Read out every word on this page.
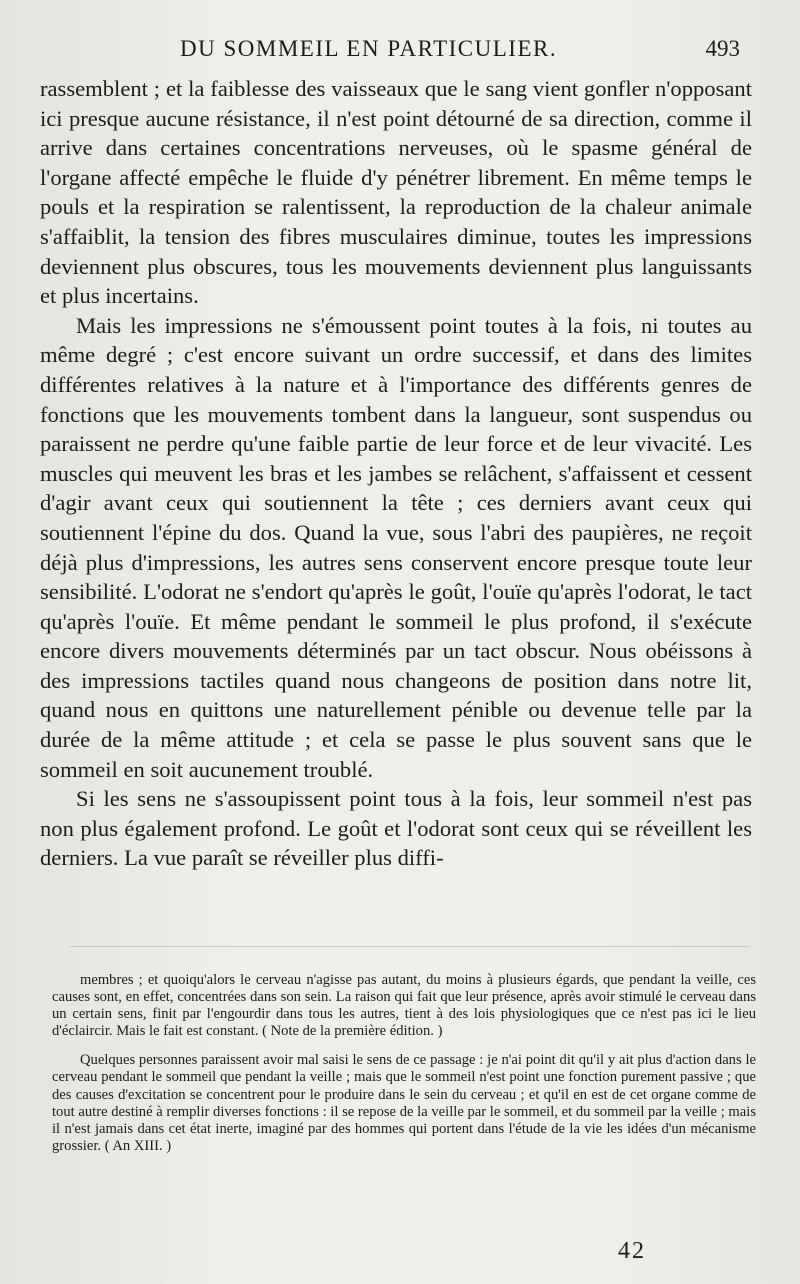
DU SOMMEIL EN PARTICULIER.	493

rassemblent ; et la faiblesse des vaisseaux que le sang vient gonfler n'opposant ici presque aucune résistance, il n'est point détourné de sa direction, comme il arrive dans certaines concentrations nerveuses, où le spasme général de l'organe affecté empêche le fluide d'y pénétrer librement. En même temps le pouls et la respiration se ralentissent, la reproduction de la chaleur animale s'affaiblit, la tension des fibres musculaires diminue, toutes les impressions deviennent plus obscures, tous les mouvements deviennent plus languissants et plus incertains.

Mais les impressions ne s'émoussent point toutes à la fois, ni toutes au même degré ; c'est encore suivant un ordre successif, et dans des limites différentes relatives à la nature et à l'importance des différents genres de fonctions que les mouvements tombent dans la langueur, sont suspendus ou paraissent ne perdre qu'une faible partie de leur force et de leur vivacité. Les muscles qui meuvent les bras et les jambes se relâchent, s'affaissent et cessent d'agir avant ceux qui soutiennent la tête ; ces derniers avant ceux qui soutiennent l'épine du dos. Quand la vue, sous l'abri des paupières, ne reçoit déjà plus d'impressions, les autres sens conservent encore presque toute leur sensibilité. L'odorat ne s'endort qu'après le goût, l'ouïe qu'après l'odorat, le tact qu'après l'ouïe. Et même pendant le sommeil le plus profond, il s'exécute encore divers mouvements déterminés par un tact obscur. Nous obéissons à des impressions tactiles quand nous changeons de position dans notre lit, quand nous en quittons une naturellement pénible ou devenue telle par la durée de la même attitude ; et cela se passe le plus souvent sans que le sommeil en soit aucunement troublé.

Si les sens ne s'assoupissent point tous à la fois, leur sommeil n'est pas non plus également profond. Le goût et l'odorat sont ceux qui se réveillent les derniers. La vue paraît se réveiller plus diffi-

membres ; et quoiqu'alors le cerveau n'agisse pas autant, du moins à plusieurs égards, que pendant la veille, ces causes sont, en effet, concentrées dans son sein. La raison qui fait que leur présence, après avoir stimulé le cerveau dans un certain sens, finit par l'engourdir dans tous les autres, tient à des lois physiologiques que ce n'est pas ici le lieu d'éclaircir. Mais le fait est constant. ( Note de la première édition. )

Quelques personnes paraissent avoir mal saisi le sens de ce passage : je n'ai point dit qu'il y ait plus d'action dans le cerveau pendant le sommeil que pendant la veille ; mais que le sommeil n'est point une fonction purement passive ; que des causes d'excitation se concentrent pour le produire dans le sein du cerveau ; et qu'il en est de cet organe comme de tout autre destiné à remplir diverses fonctions : il se repose de la veille par le sommeil, et du sommeil par la veille ; mais il n'est jamais dans cet état inerte, imaginé par des hommes qui portent dans l'étude de la vie les idées d'un mécanisme grossier. ( An XIII. )

42
